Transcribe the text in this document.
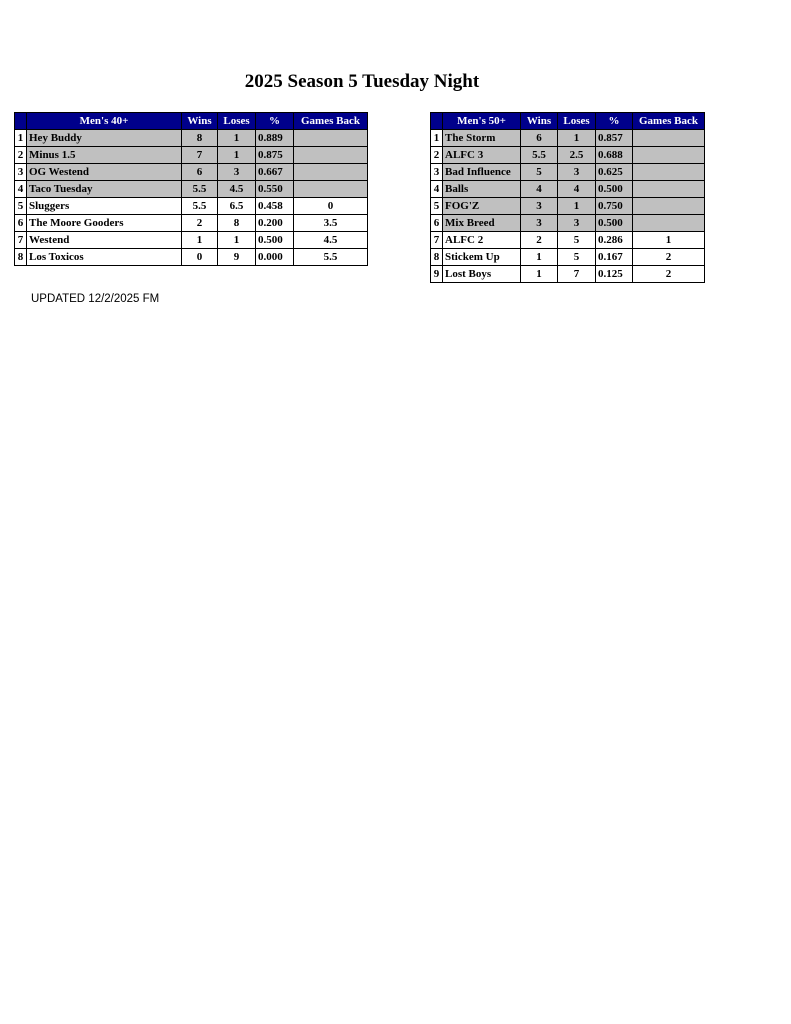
2025 Season 5 Tuesday Night
	Men's 40+	Wins	Loses	%	Games Back
1	Hey Buddy	8	1	0.889	
2	Minus 1.5	7	1	0.875	
3	OG Westend	6	3	0.667	
4	Taco Tuesday	5.5	4.5	0.550	
5	Sluggers	5.5	6.5	0.458	0
6	The Moore Gooders	2	8	0.200	3.5
7	Westend	1	1	0.500	4.5
8	Los Toxicos	0	9	0.000	5.5
	Men's 50+	Wins	Loses	%	Games Back
1	The Storm	6	1	0.857	
2	ALFC 3	5.5	2.5	0.688	
3	Bad Influence	5	3	0.625	
4	Balls	4	4	0.500	
5	FOG'Z	3	1	0.750	
6	Mix Breed	3	3	0.500	
7	ALFC 2	2	5	0.286	1
8	Stickem Up	1	5	0.167	2
9	Lost Boys	1	7	0.125	2
UPDATED 12/2/2025 FM
